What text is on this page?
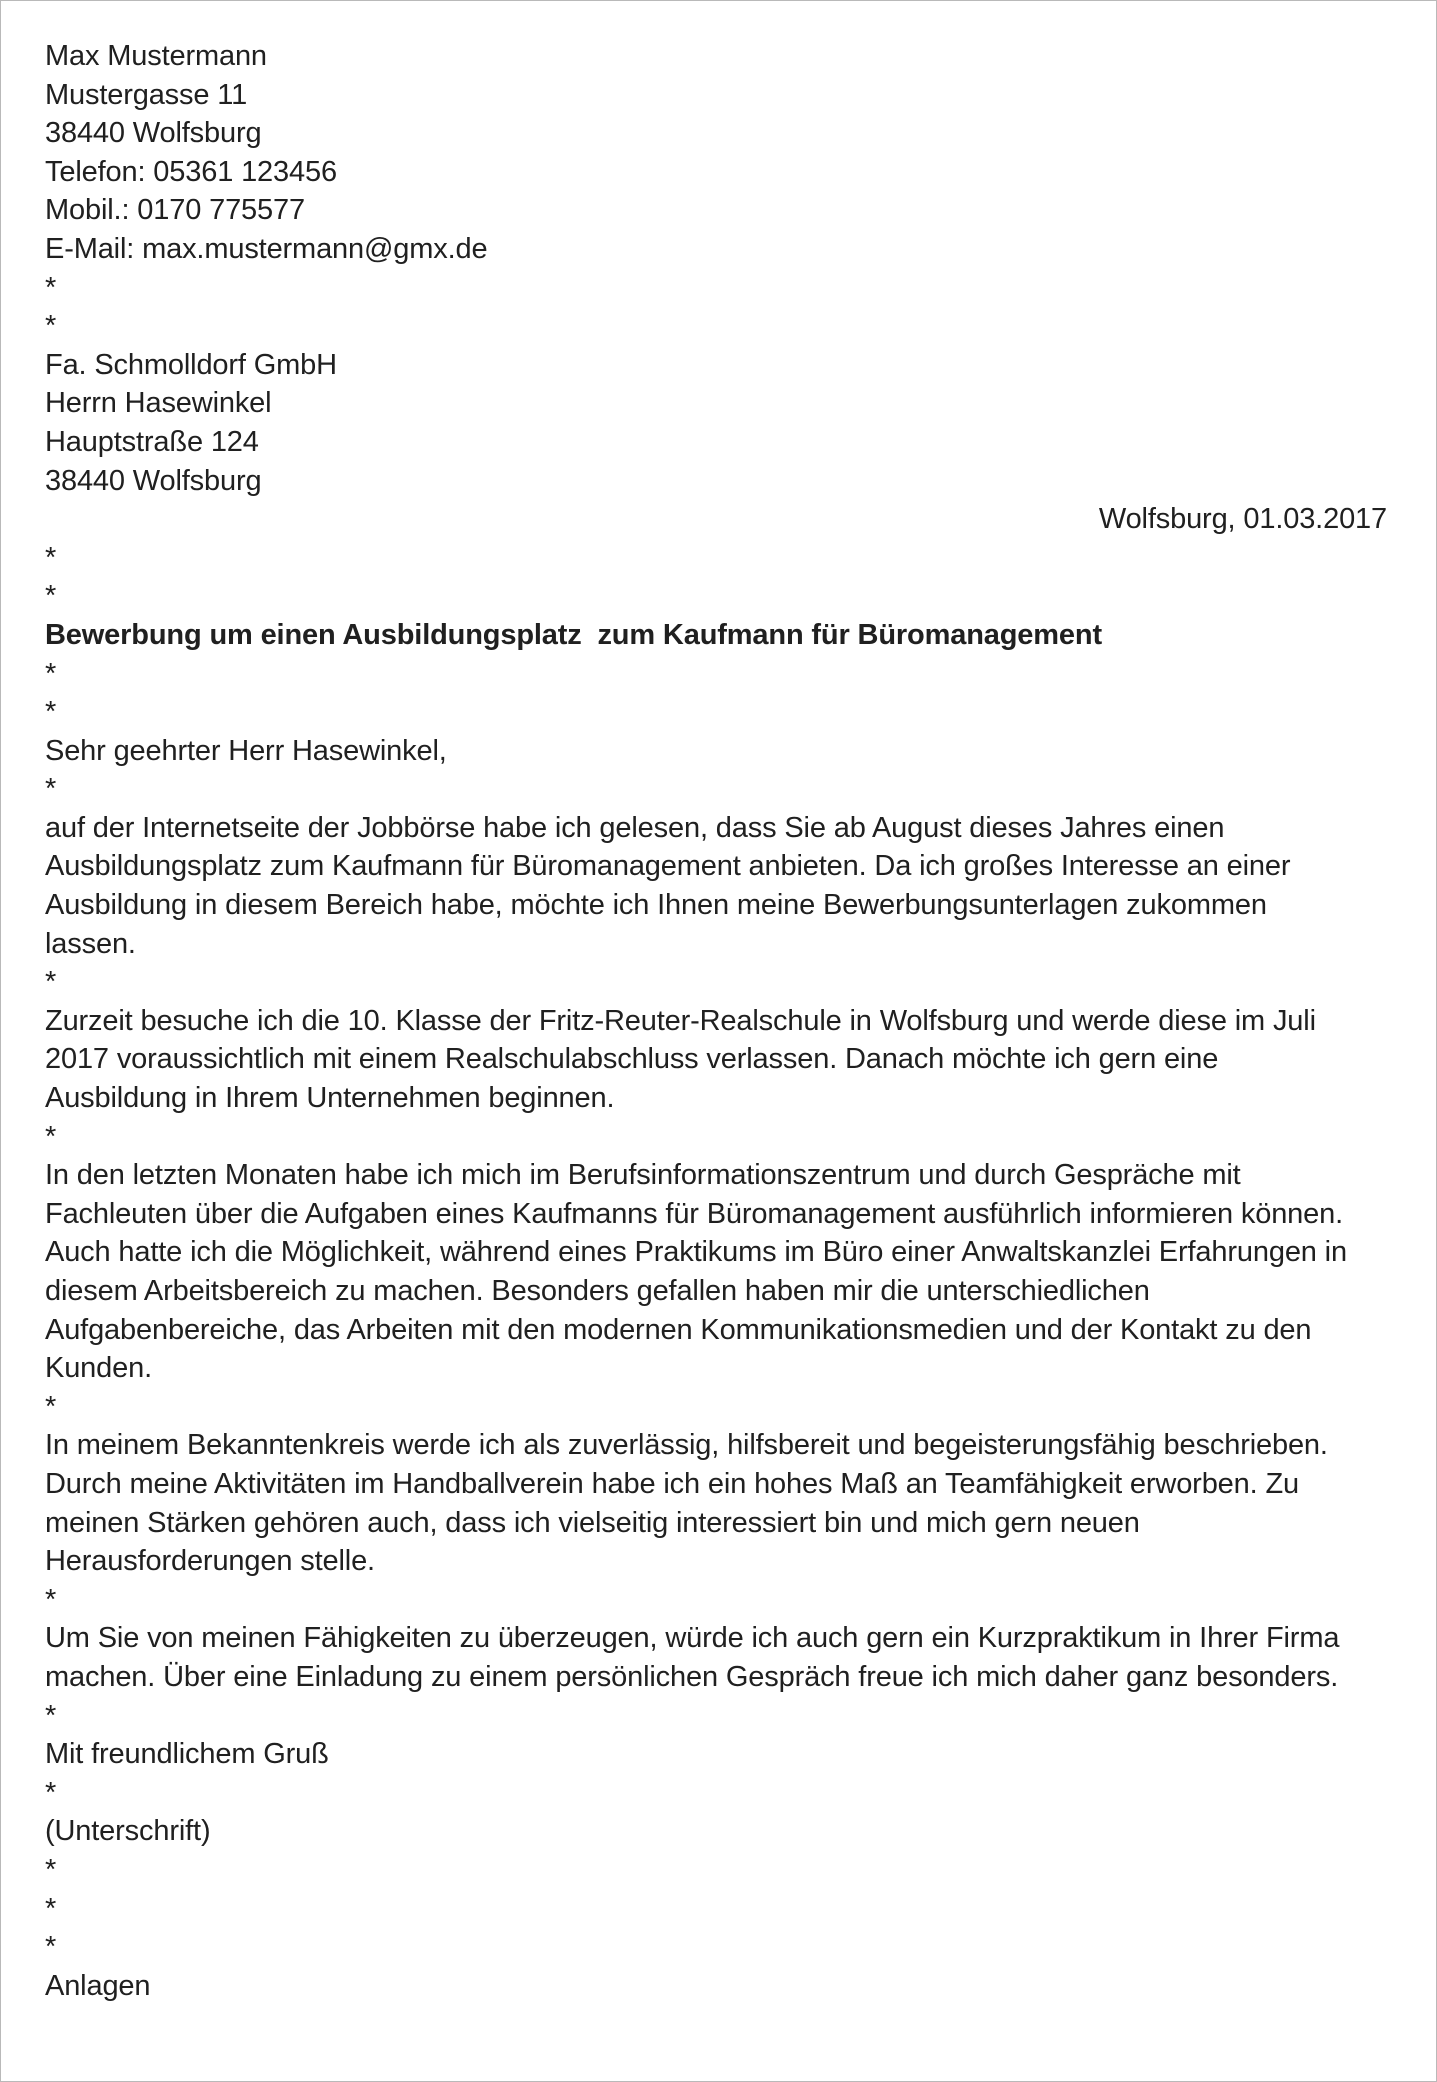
Max Mustermann
Mustergasse 11
38440 Wolfsburg
Telefon: 05361 123456
Mobil.: 0170 775577
E-Mail: max.mustermann@gmx.de
*
*
Fa. Schmolldorf GmbH
Herrn Hasewinkel
Hauptstraße 124
38440 Wolfsburg
Wolfsburg, 01.03.2017
*
*
Bewerbung um einen Ausbildungsplatz  zum Kaufmann für Büromanagement
*
*
Sehr geehrter Herr Hasewinkel,
*
auf der Internetseite der Jobbörse habe ich gelesen, dass Sie ab August dieses Jahres einen
Ausbildungsplatz zum Kaufmann für Büromanagement anbieten. Da ich großes Interesse an einer
Ausbildung in diesem Bereich habe, möchte ich Ihnen meine Bewerbungsunterlagen zukommen
lassen.
*
Zurzeit besuche ich die 10. Klasse der Fritz-Reuter-Realschule in Wolfsburg und werde diese im Juli
2017 voraussichtlich mit einem Realschulabschluss verlassen. Danach möchte ich gern eine
Ausbildung in Ihrem Unternehmen beginnen.
*
In den letzten Monaten habe ich mich im Berufsinformationszentrum und durch Gespräche mit
Fachleuten über die Aufgaben eines Kaufmanns für Büromanagement ausführlich informieren können.
Auch hatte ich die Möglichkeit, während eines Praktikums im Büro einer Anwaltskanzlei Erfahrungen in
diesem Arbeitsbereich zu machen. Besonders gefallen haben mir die unterschiedlichen
Aufgabenbereiche, das Arbeiten mit den modernen Kommunikationsmedien und der Kontakt zu den
Kunden.
*
In meinem Bekanntenkreis werde ich als zuverlässig, hilfsbereit und begeisterungsfähig beschrieben.
Durch meine Aktivitäten im Handballverein habe ich ein hohes Maß an Teamfähigkeit erworben. Zu
meinen Stärken gehören auch, dass ich vielseitig interessiert bin und mich gern neuen
Herausforderungen stelle.
*
Um Sie von meinen Fähigkeiten zu überzeugen, würde ich auch gern ein Kurzpraktikum in Ihrer Firma
machen. Über eine Einladung zu einem persönlichen Gespräch freue ich mich daher ganz besonders.
*
Mit freundlichem Gruß
*
(Unterschrift)
*
*
*
Anlagen
